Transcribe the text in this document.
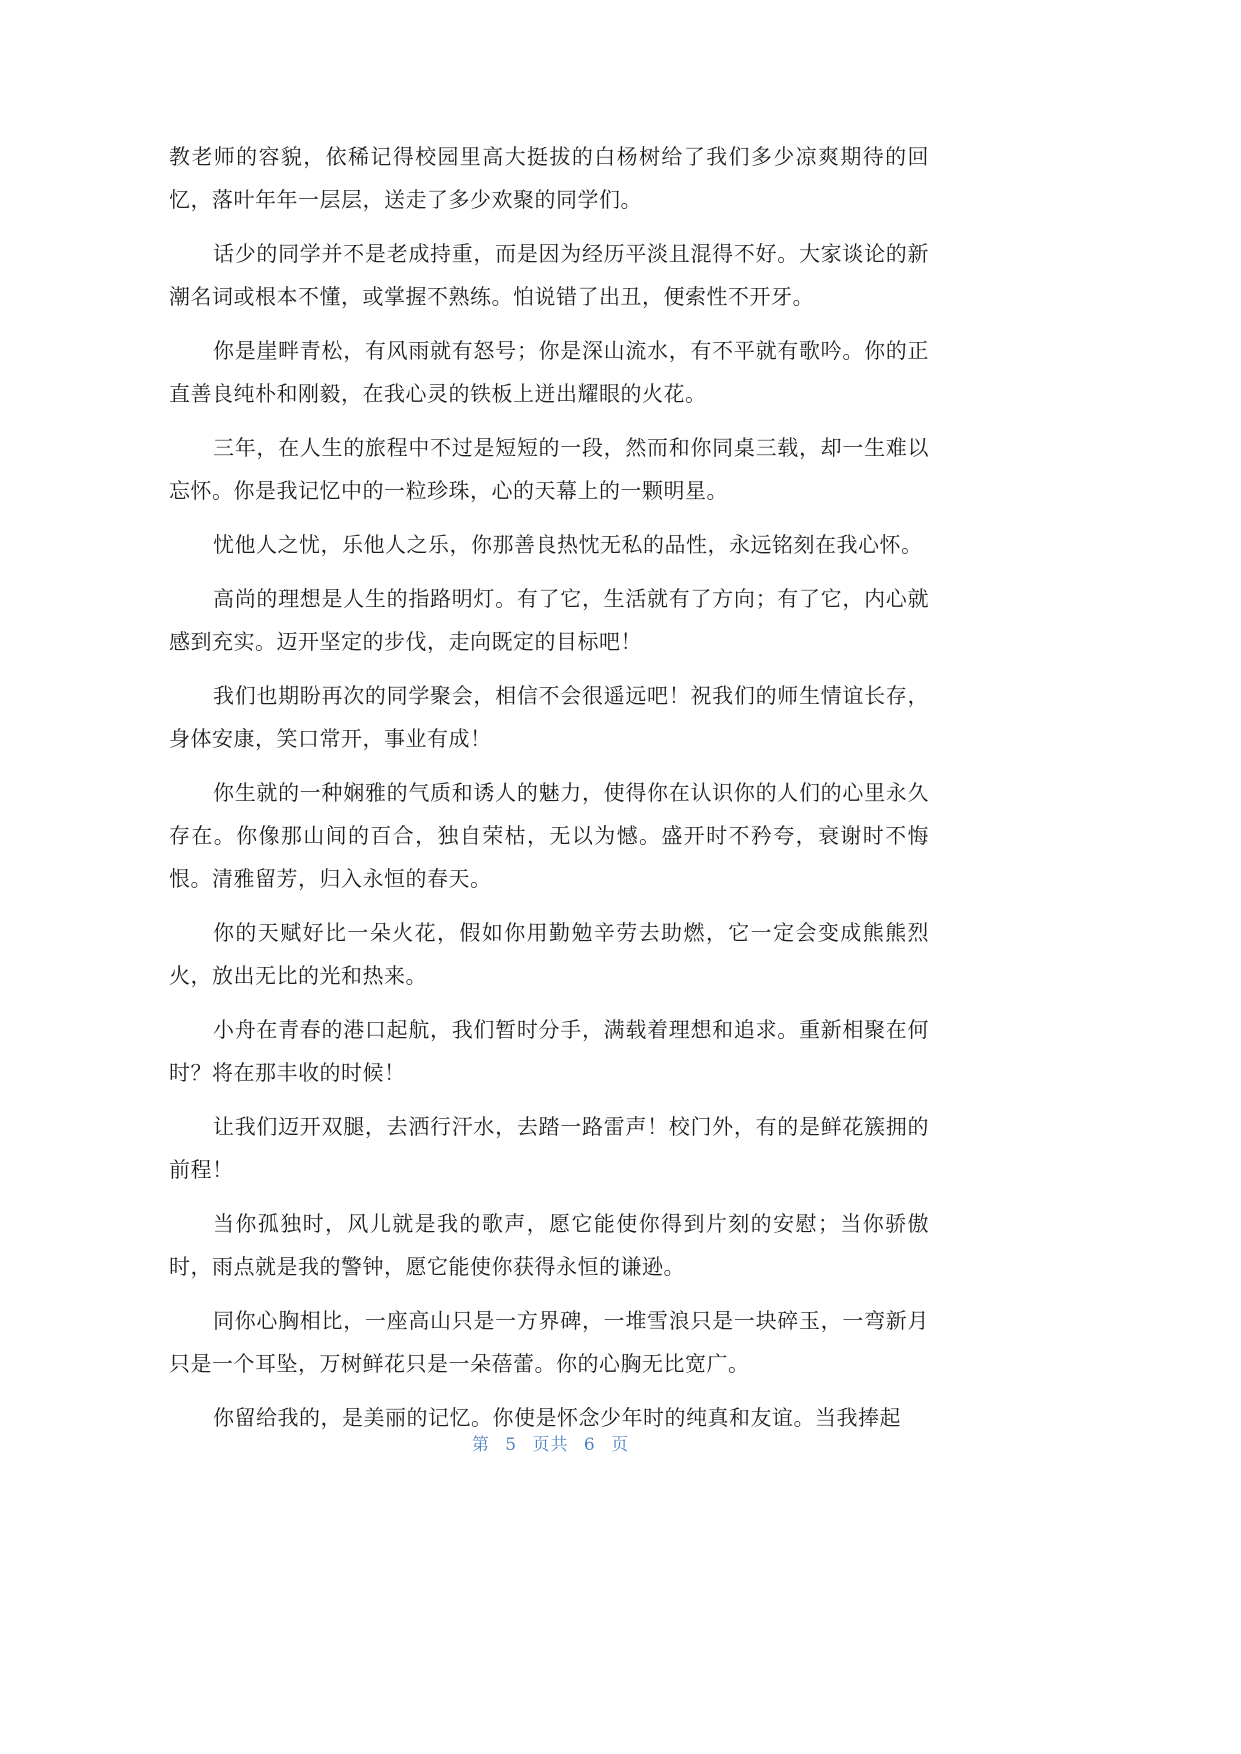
教老师的容貌，依稀记得校园里高大挺拔的白杨树给了我们多少凉爽期待的回忆，落叶年年一层层，送走了多少欢聚的同学们。

话少的同学并不是老成持重，而是因为经历平淡且混得不好。大家谈论的新潮名词或根本不懂，或掌握不熟练。怕说错了出丑，便索性不开牙。

你是崖畔青松，有风雨就有怒号；你是深山流水，有不平就有歌吟。你的正直善良纯朴和刚毅，在我心灵的铁板上迸出耀眼的火花。

三年，在人生的旅程中不过是短短的一段，然而和你同桌三载，却一生难以忘怀。你是我记忆中的一粒珍珠，心的天幕上的一颗明星。

忧他人之忧，乐他人之乐，你那善良热忱无私的品性，永远铭刻在我心怀。

高尚的理想是人生的指路明灯。有了它，生活就有了方向；有了它，内心就感到充实。迈开坚定的步伐，走向既定的目标吧！

我们也期盼再次的同学聚会，相信不会很遥远吧！祝我们的师生情谊长存，身体安康，笑口常开，事业有成！

你生就的一种娴雅的气质和诱人的魅力，使得你在认识你的人们的心里永久存在。你像那山间的百合，独自荣枯，无以为憾。盛开时不矜夸，衰谢时不悔恨。清雅留芳，归入永恒的春天。

你的天赋好比一朵火花，假如你用勤勉辛劳去助燃，它一定会变成熊熊烈火，放出无比的光和热来。

小舟在青春的港口起航，我们暂时分手，满载着理想和追求。重新相聚在何时？将在那丰收的时候！

让我们迈开双腿，去洒行汗水，去踏一路雷声！校门外，有的是鲜花簇拥的前程！

当你孤独时，风儿就是我的歌声，愿它能使你得到片刻的安慰；当你骄傲时，雨点就是我的警钟，愿它能使你获得永恒的谦逊。

同你心胸相比，一座高山只是一方界碑，一堆雪浪只是一块碎玉，一弯新月只是一个耳坠，万树鲜花只是一朵蓓蕾。你的心胸无比宽广。

你留给我的，是美丽的记忆。你使是怀念少年时的纯真和友谊。当我捧起

第 5 页共 6 页
